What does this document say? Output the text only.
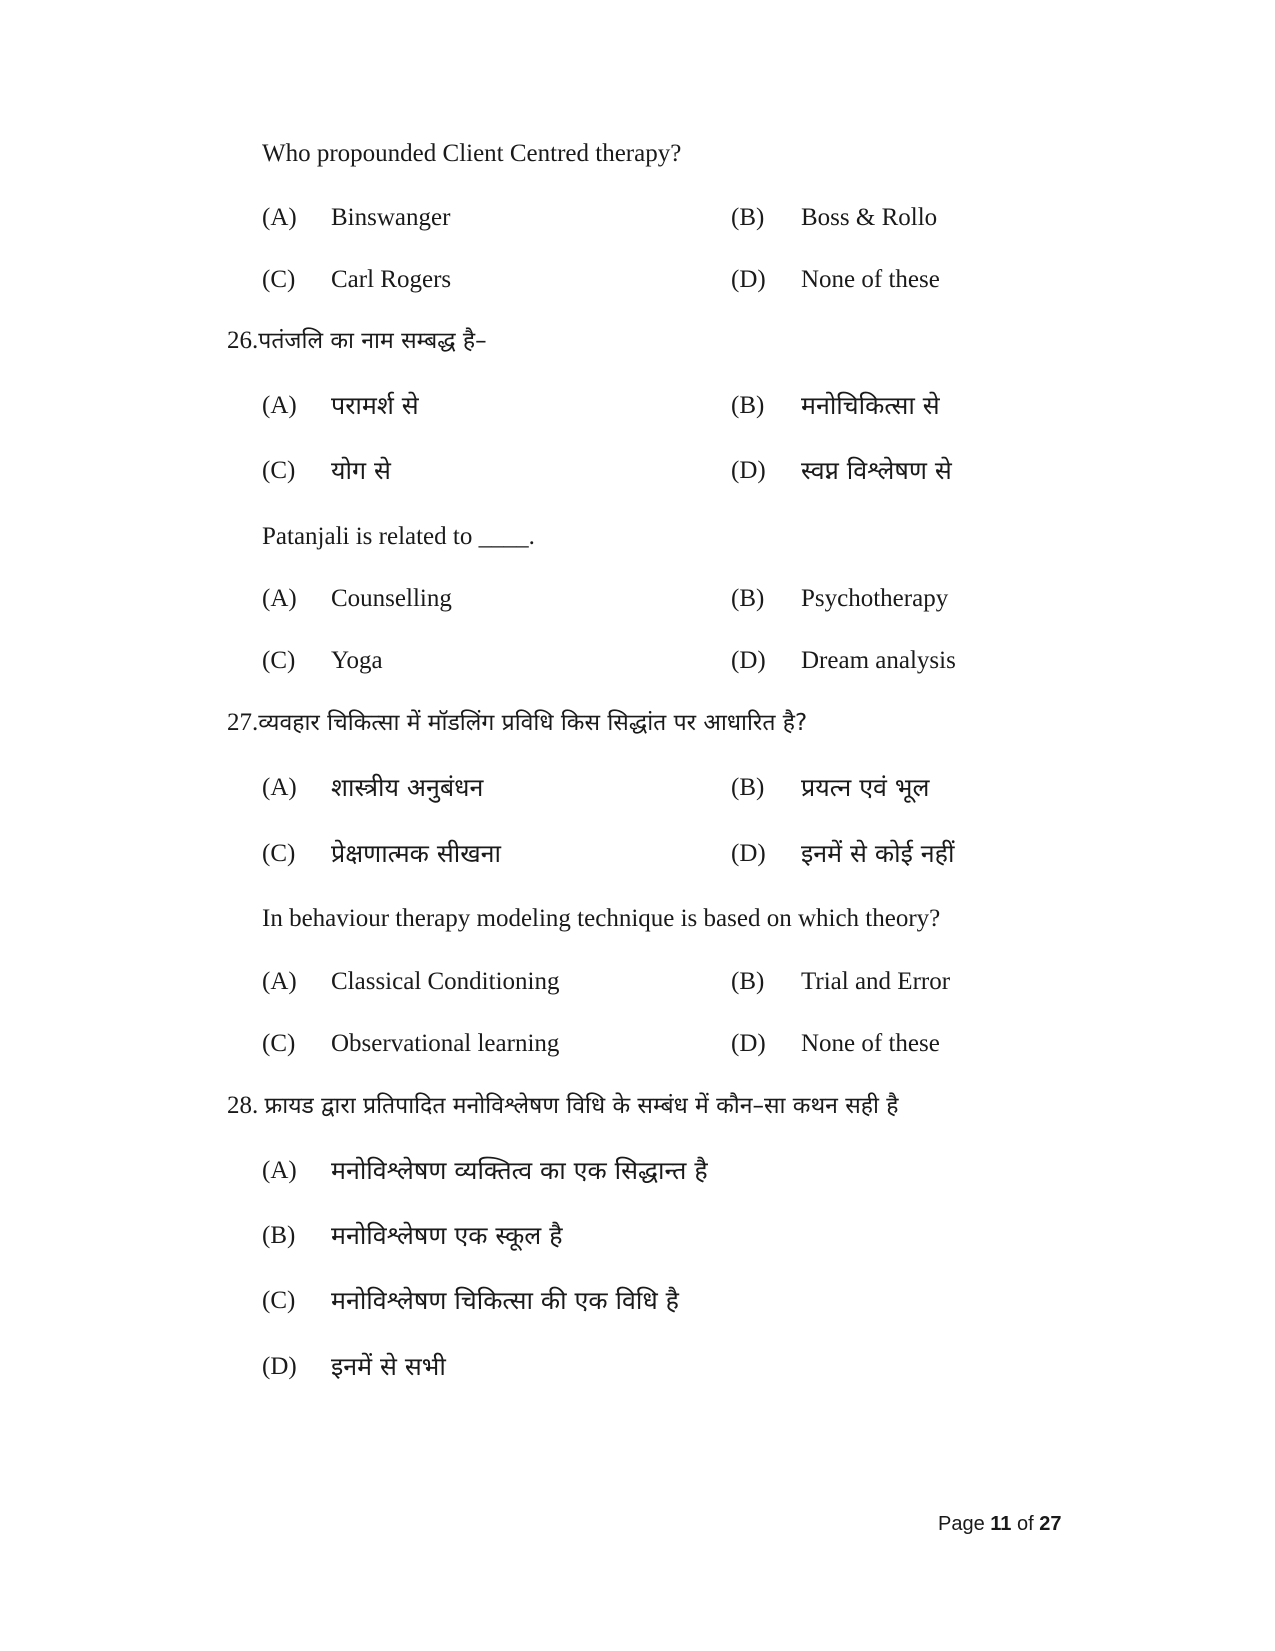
Who propounded Client Centred therapy?
(A) Binswanger	(B) Boss & Rollo
(C) Carl Rogers	(D) None of these
26.पतंजलि का नाम सम्बद्ध है–
(A) परामर्श से	(B) मनोचिकित्सा से
(C) योग से	(D) स्वप्न विश्लेषण से
Patanjali is related to ____.
(A) Counselling	(B) Psychotherapy
(C) Yoga	(D) Dream analysis
27.व्यवहार चिकित्सा में मॉडलिंग प्रविधि किस सिद्धांत पर आधारित है?
(A) शास्त्रीय अनुबंधन	(B) प्रयत्न एवं भूल
(C) प्रेक्षणात्मक सीखना	(D) इनमें से कोई नहीं
In behaviour therapy modeling technique is based on which theory?
(A) Classical Conditioning	(B) Trial and Error
(C) Observational learning	(D) None of these
28. फ्रायड द्वारा प्रतिपादित मनोविश्लेषण विधि के सम्बंध में कौन–सा कथन सही है
(A) मनोविश्लेषण व्यक्तित्व का एक सिद्धान्त है
(B) मनोविश्लेषण एक स्कूल है
(C) मनोविश्लेषण चिकित्सा की एक विधि है
(D) इनमें से सभी
Page 11 of 27
